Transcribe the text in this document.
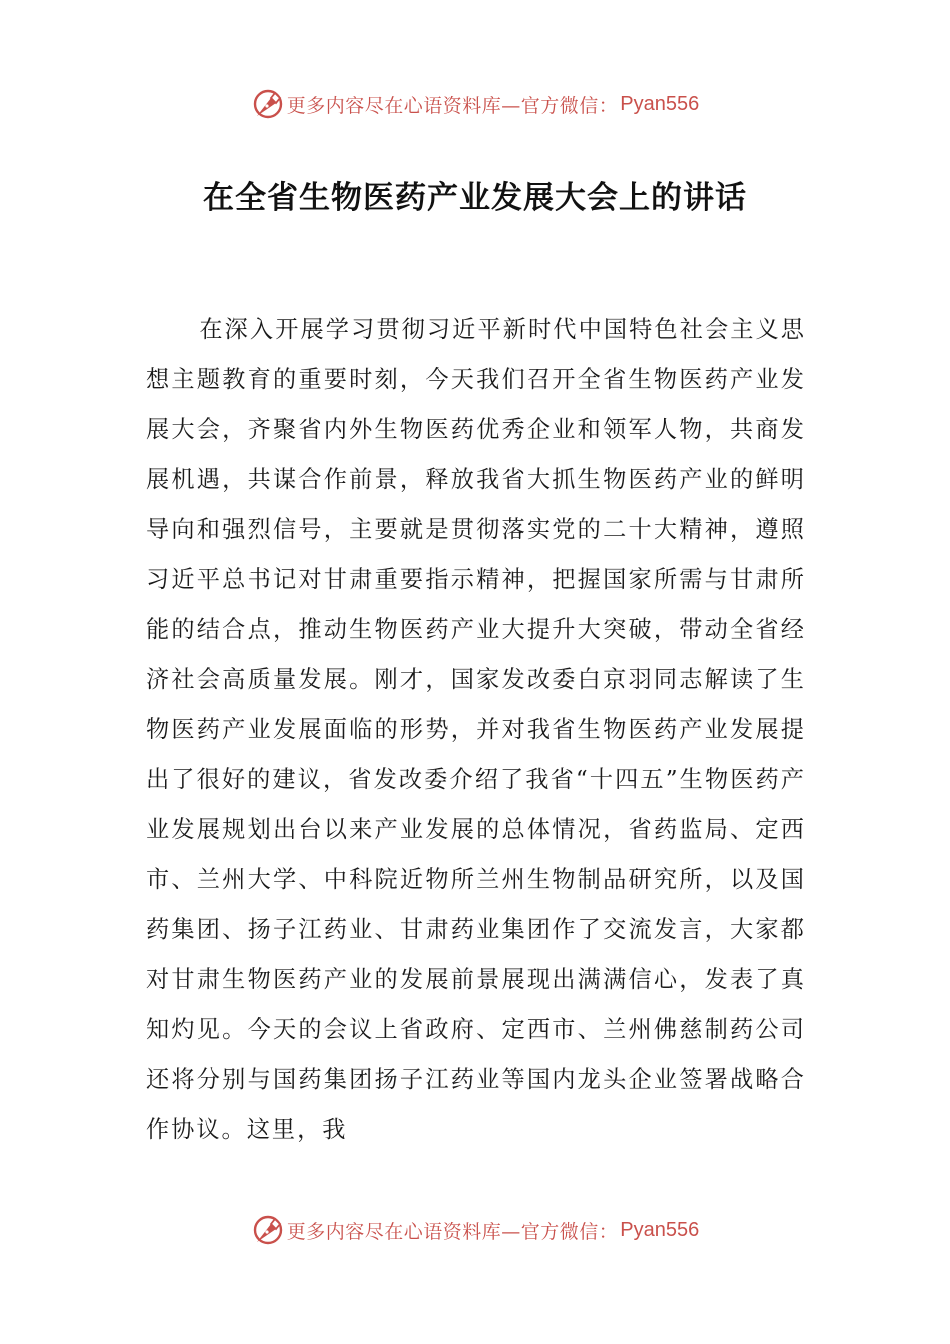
更多内容尽在心语资料库—官方微信： Pyan556
在全省生物医药产业发展大会上的讲话

在深入开展学习贯彻习近平新时代中国特色社会主义思想主题教育的重要时刻，今天我们召开全省生物医药产业发展大会，齐聚省内外生物医药优秀企业和领军人物，共商发展机遇，共谋合作前景，释放我省大抓生物医药产业的鲜明导向和强烈信号，主要就是贯彻落实党的二十大精神，遵照习近平总书记对甘肃重要指示精神，把握国家所需与甘肃所能的结合点，推动生物医药产业大提升大突破，带动全省经济社会高质量发展。刚才，国家发改委白京羽同志解读了生物医药产业发展面临的形势，并对我省生物医药产业发展提出了很好的建议，省发改委介绍了我省“十四五”生物医药产业发展规划出台以来产业发展的总体情况，省药监局、定西市、兰州大学、中科院近物所兰州生物制品研究所，以及国药集团、扬子江药业、甘肃药业集团作了交流发言，大家都对甘肃生物医药产业的发展前景展现出满满信心，发表了真知灼见。今天的会议上省政府、定西市、兰州佛慈制药公司还将分别与国药集团扬子江药业等国内龙头企业签署战略合作协议。这里，我

更多内容尽在心语资料库—官方微信： Pyan556
